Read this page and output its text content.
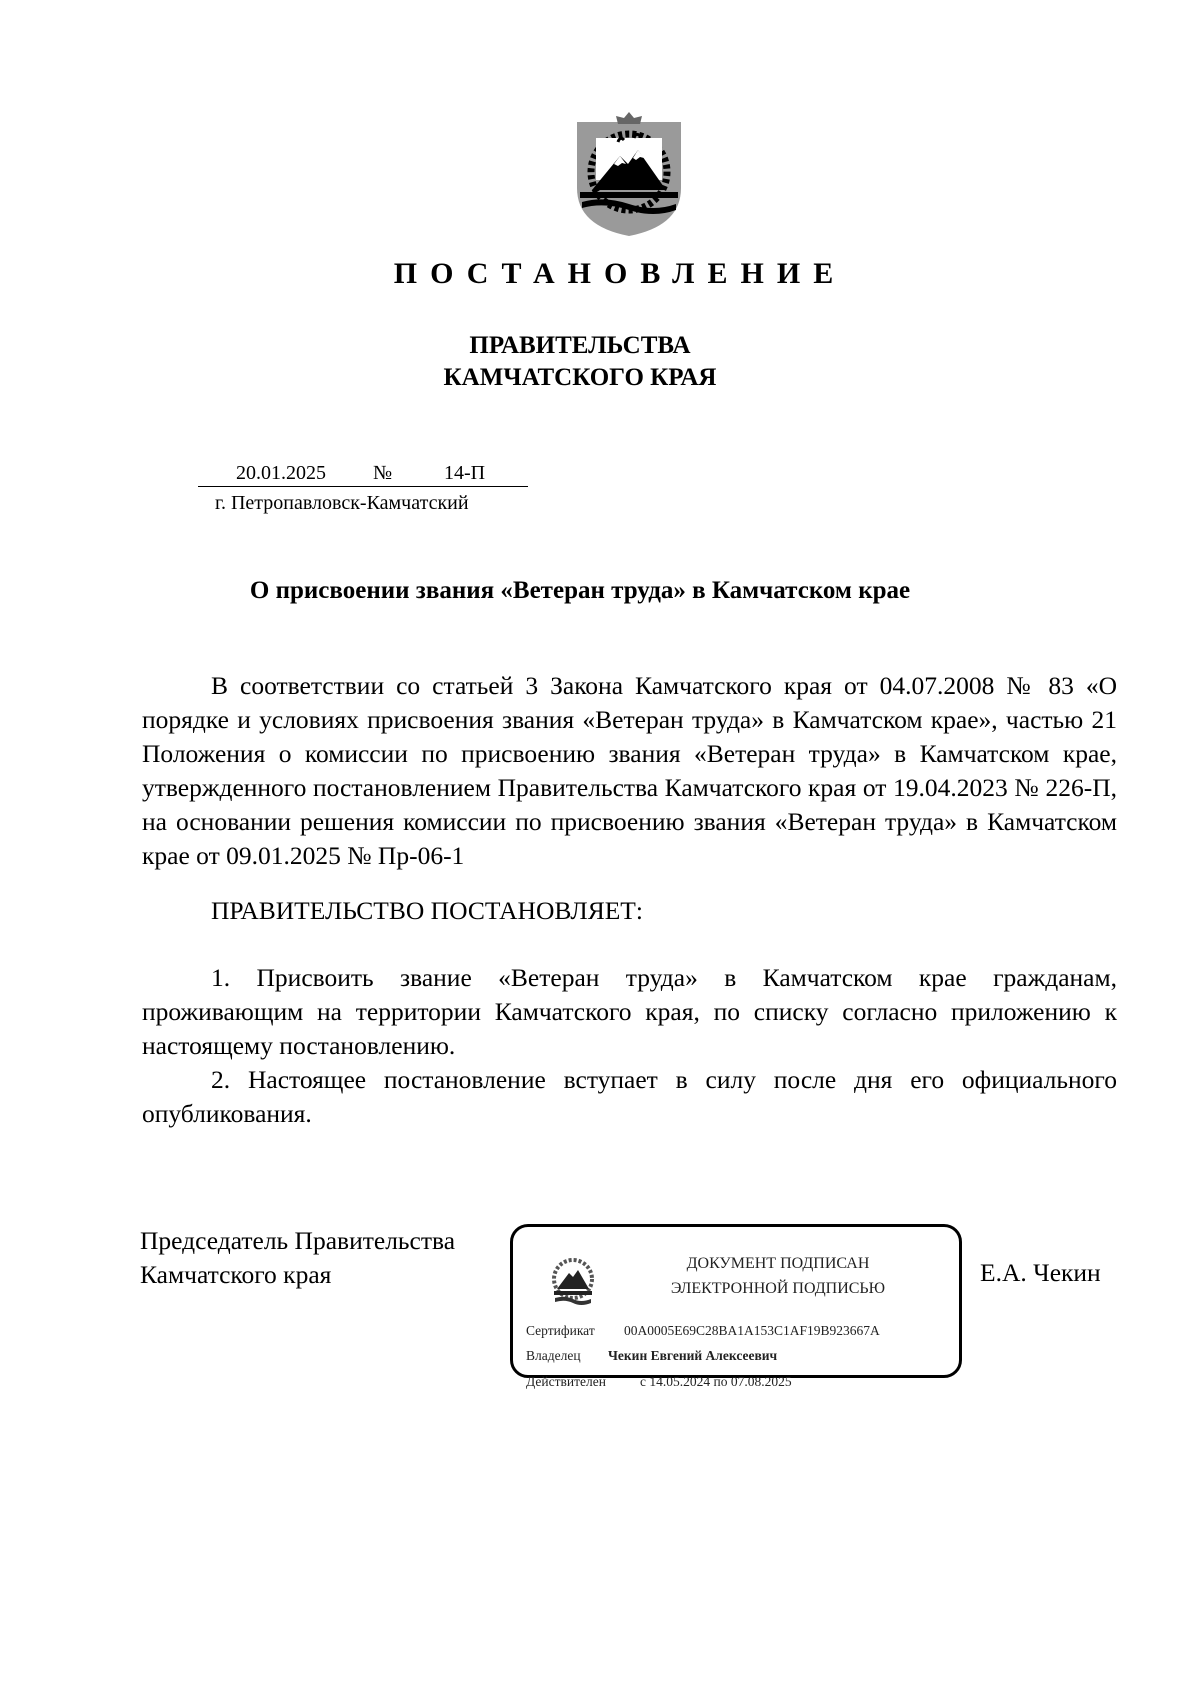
ПОСТАНОВЛЕНИЕ
ПРАВИТЕЛЬСТВА
КАМЧАТСКОГО КРАЯ
20.01.2025 №	14-П
г. Петропавловск-Камчатский
О присвоении звания «Ветеран труда» в Камчатском крае

В соответствии со статьей 3 Закона Камчатского края от 04.07.2008 № 83 «О порядке и условиях присвоения звания «Ветеран труда» в Камчатском крае», частью 21 Положения о комиссии по присвоению звания «Ветеран труда» в Камчатском крае, утвержденного постановлением Правительства Камчатского края от 19.04.2023 № 226-П, на основании решения комиссии по присвоению звания «Ветеран труда» в Камчатском крае от 09.01.2025 № Пр-06-1

ПРАВИТЕЛЬСТВО ПОСТАНОВЛЯЕТ:

1. Присвоить звание «Ветеран труда» в Камчатском крае гражданам, проживающим на территории Камчатского края, по списку согласно приложению к настоящему постановлению.

2. Настоящее постановление вступает в силу после дня его официального опубликования.

Председатель Правительства
Камчатского края	ДОКУМЕНТ ПОДПИСАН
ЭЛЕКТРОННОЙ ПОДПИСЬЮ
Сертификат 00A0005E69C28BA1A153C1AF19B923667A
Владелец Чекин Евгений Алексеевич
Действителен	с 14.05.2024 по 07.08.2025
Е.А. Чекин
